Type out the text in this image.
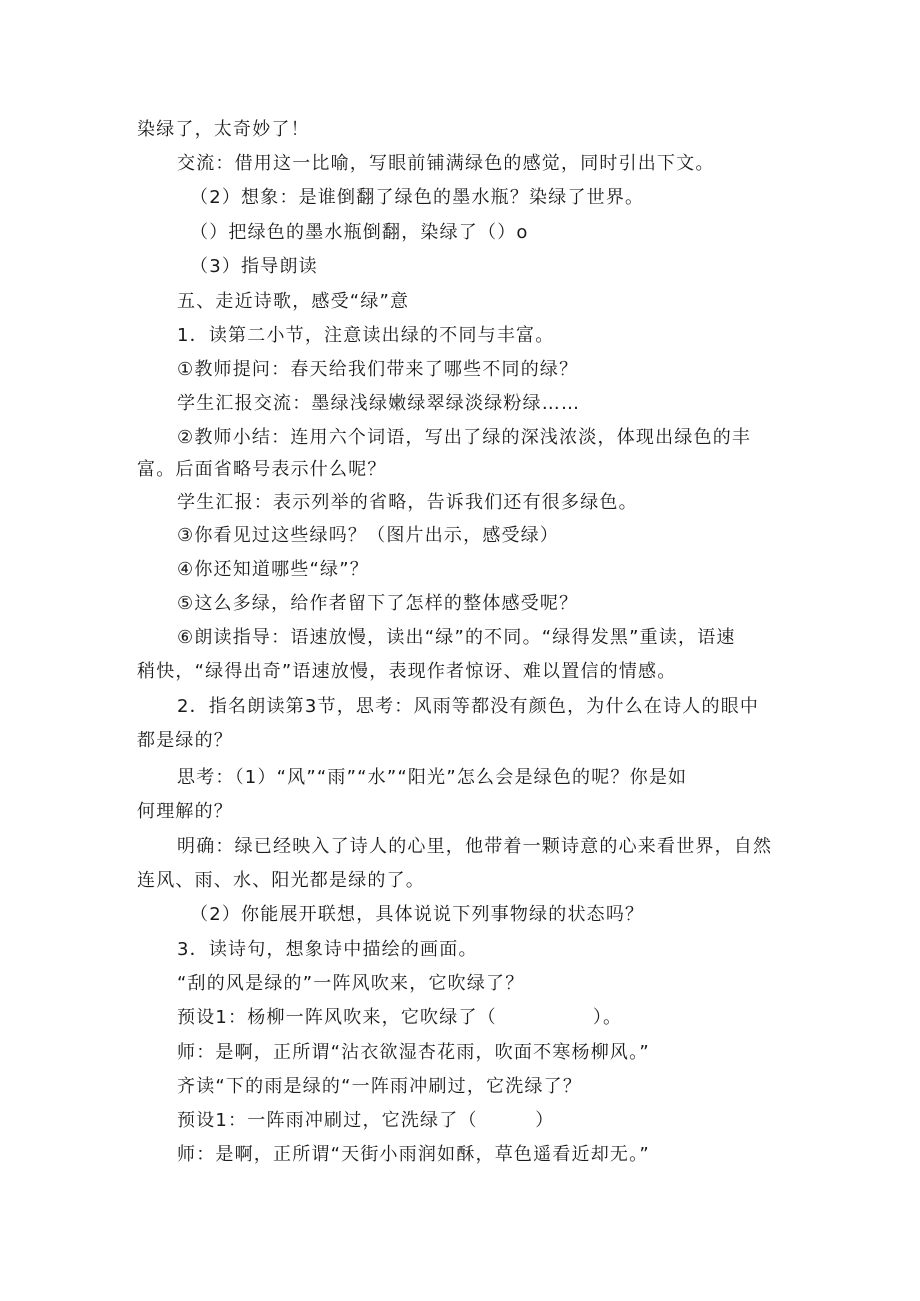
染绿了，太奇妙了！
交流：借用这一比喻，写眼前铺满绿色的感觉，同时引出下文。
（2）想象：是谁倒翻了绿色的墨水瓶？染绿了世界。
（）把绿色的墨水瓶倒翻，染绿了（）o
（3）指导朗读
五、走近诗歌，感受“绿”意
1．读第二小节，注意读出绿的不同与丰富。
①教师提问：春天给我们带来了哪些不同的绿？
学生汇报交流：墨绿浅绿嫩绿翠绿淡绿粉绿……
②教师小结：连用六个词语，写出了绿的深浅浓淡，体现出绿色的丰
富。后面省略号表示什么呢？
学生汇报：表示列举的省略，告诉我们还有很多绿色。
③你看见过这些绿吗？（图片出示，感受绿）
④你还知道哪些“绿”？
⑤这么多绿，给作者留下了怎样的整体感受呢？
⑥朗读指导：语速放慢，读出“绿”的不同。“绿得发黑”重读，语速
稍快，“绿得出奇”语速放慢，表现作者惊讶、难以置信的情感。
2．指名朗读第3节，思考：风雨等都没有颜色，为什么在诗人的眼中
都是绿的？
思考：（1）“风”“雨”“水”“阳光”怎么会是绿色的呢？你是如
何理解的？
明确：绿已经映入了诗人的心里，他带着一颗诗意的心来看世界，自然
连风、雨、水、阳光都是绿的了。
（2）你能展开联想，具体说说下列事物绿的状态吗？
3．读诗句，想象诗中描绘的画面。
“刮的风是绿的”一阵风吹来，它吹绿了？
预设1：杨柳一阵风吹来，它吹绿了（　　　　　）。
师：是啊，正所谓“沾衣欲湿杏花雨，吹面不寒杨柳风。”
齐读“下的雨是绿的“一阵雨冲刷过，它洗绿了？
预设1：一阵雨冲刷过，它洗绿了（　　　）
师：是啊，正所谓“天街小雨润如酥，草色遥看近却无。”
